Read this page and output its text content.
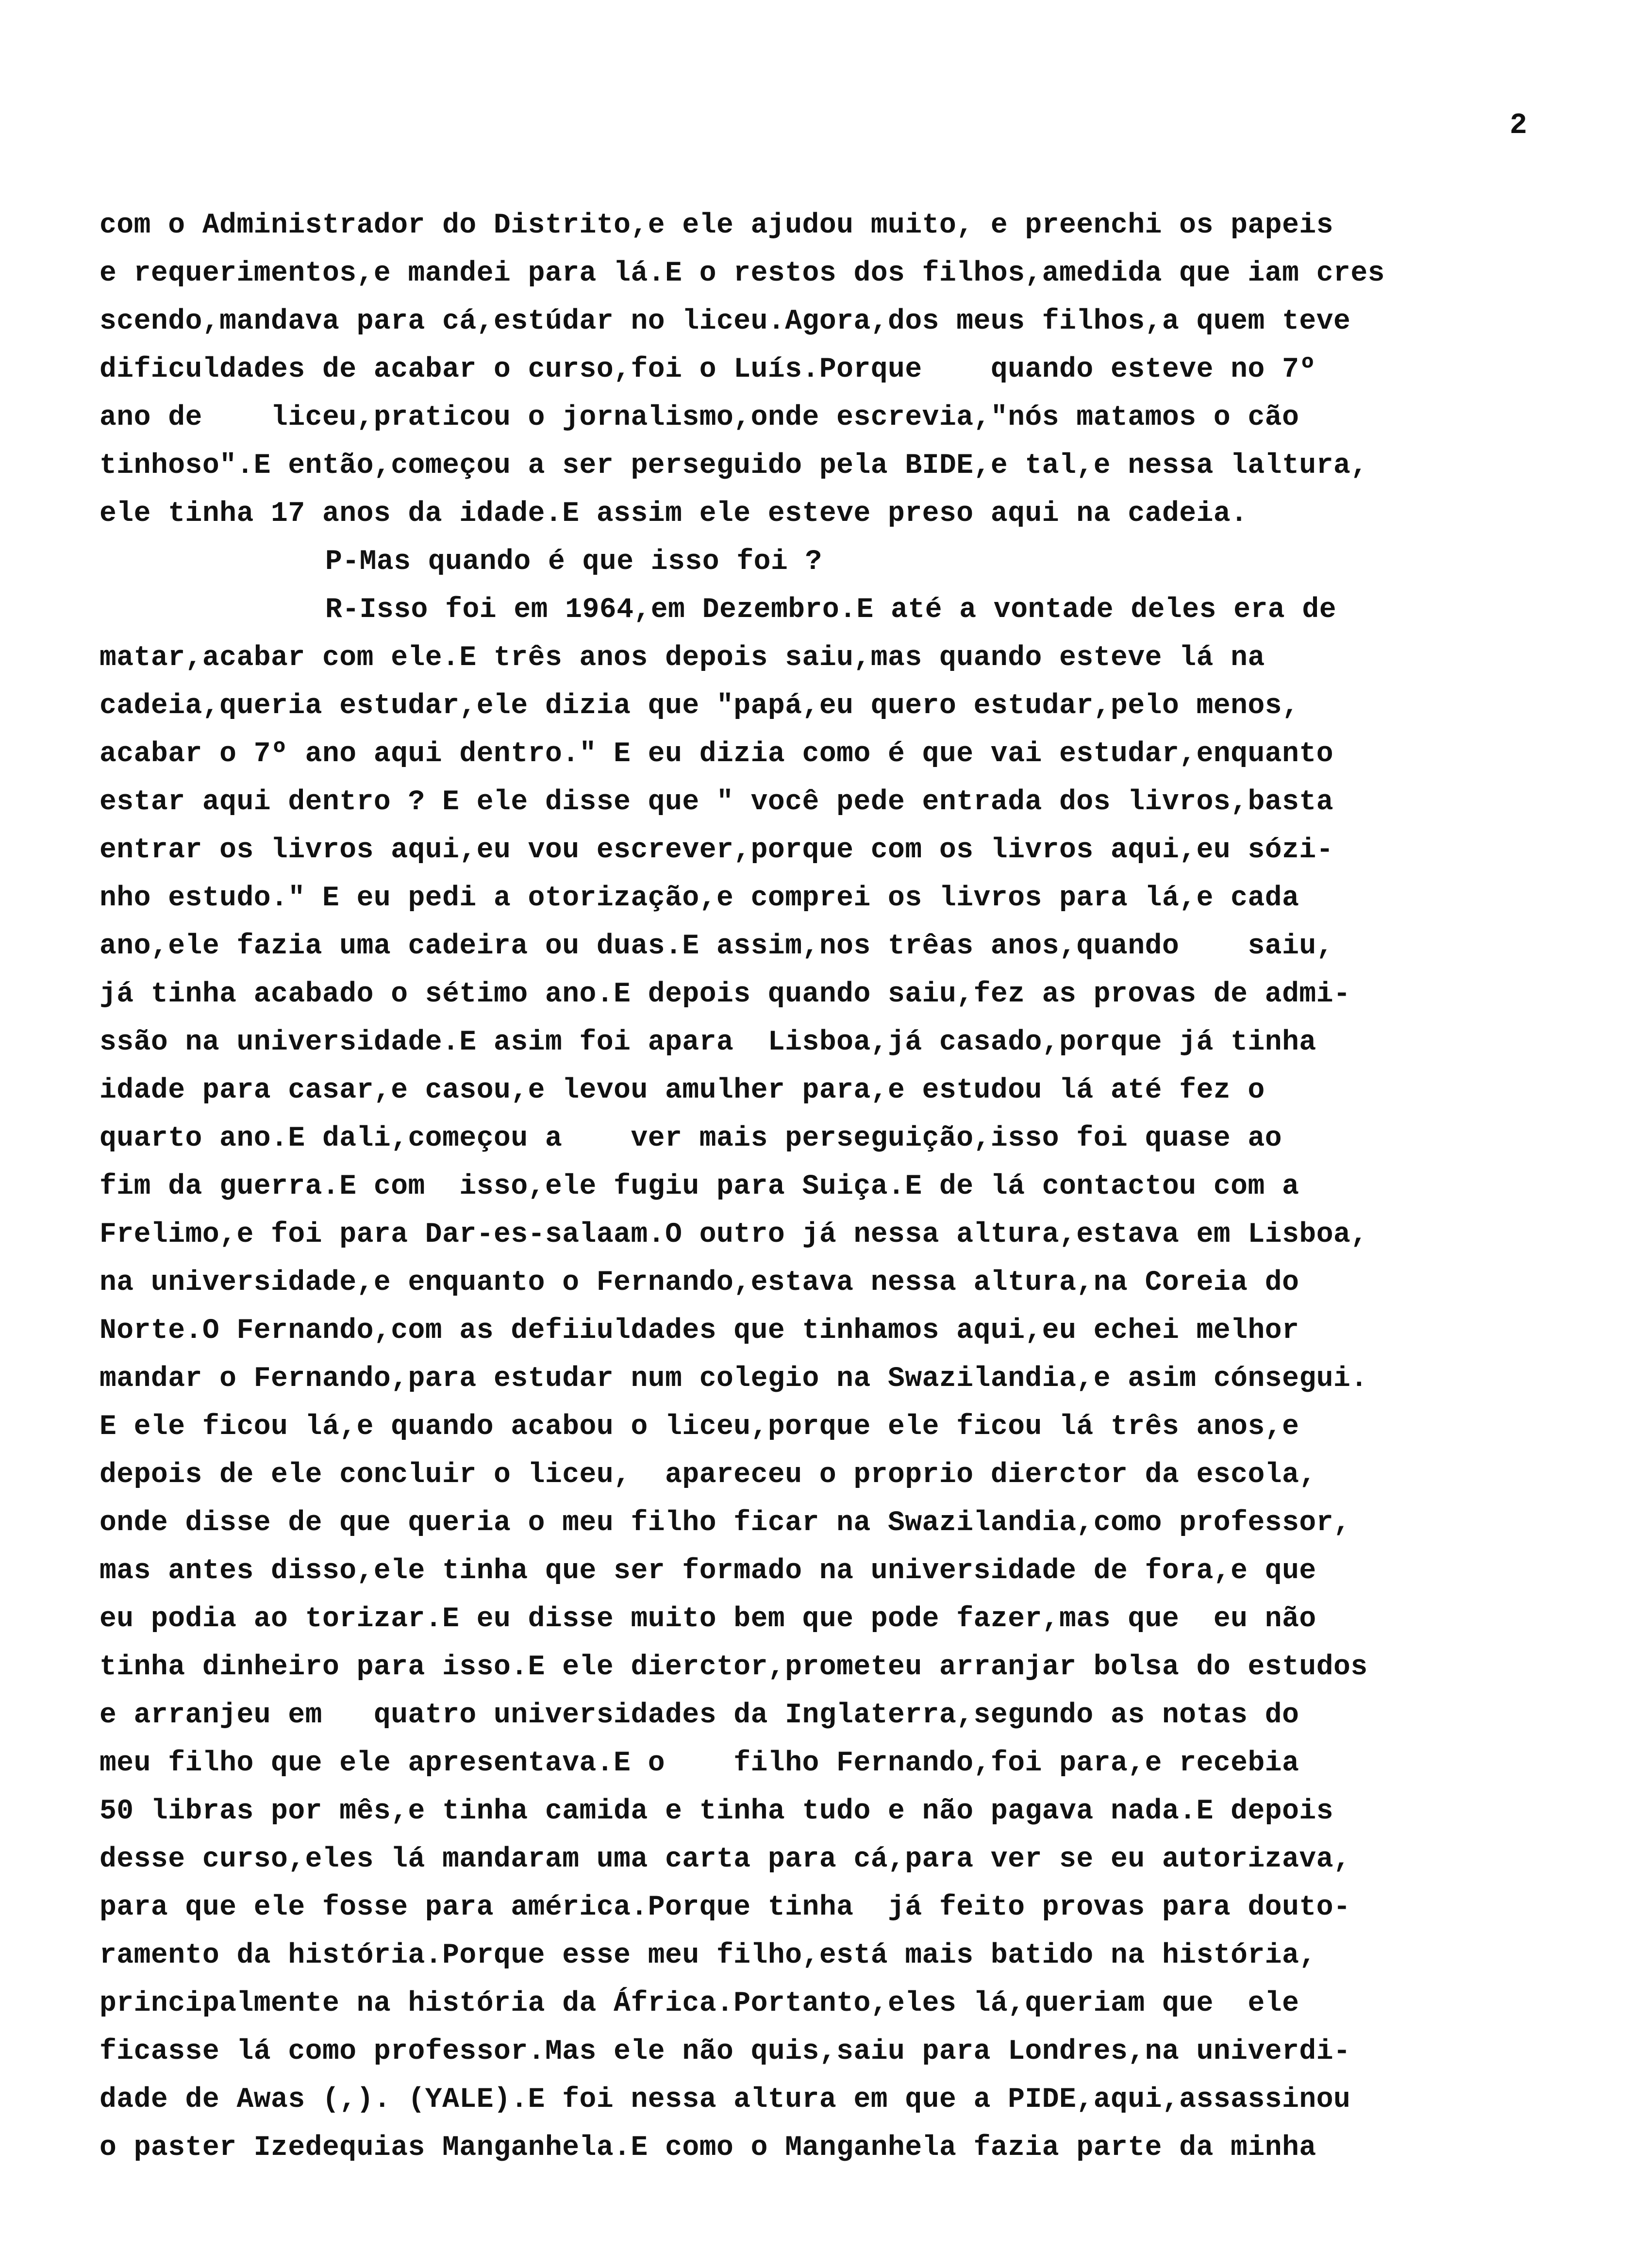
2
com o Administrador do Distrito,e ele ajudou muito, e preenchi os papeis
e requerimentos,e mandei para lá.E o restos dos filhos,amedida que iam cres
scendo,mandava para cá,estúdar no liceu.Agora,dos meus filhos,a quem teve
dificuldades de acabar o curso,foi o Luís.Porque    quando esteve no 7º
ano de    liceu,praticou o jornalismo,onde escrevia,"nós matamos o cão
tinhoso".E então,começou a ser perseguido pela BIDE,e tal,e nessa laltura,
ele tinha 17 anos da idade.E assim ele esteve preso aqui na cadeia.
P-Mas quando é que isso foi ?
R-Isso foi em 1964,em Dezembro.E até a vontade deles era de
matar,acabar com ele.E três anos depois saiu,mas quando esteve lá na
cadeia,queria estudar,ele dizia que "papá,eu quero estudar,pelo menos,
acabar o 7º ano aqui dentro." E eu dizia como é que vai estudar,enquanto
estar aqui dentro ? E ele disse que " você pede entrada dos livros,basta
entrar os livros aqui,eu vou escrever,porque com os livros aqui,eu sózi-
nho estudo." E eu pedi a otorização,e comprei os livros para lá,e cada
ano,ele fazia uma cadeira ou duas.E assim,nos trêas anos,quando    saiu,
já tinha acabado o sétimo ano.E depois quando saiu,fez as provas de admi-
ssão na universidade.E asim foi apara  Lisboa,já casado,porque já tinha
idade para casar,e casou,e levou amulher para,e estudou lá até fez o
quarto ano.E dali,começou a    ver mais perseguição,isso foi quase ao
fim da guerra.E com  isso,ele fugiu para Suiça.E de lá contactou com a
Frelimo,e foi para Dar-es-salaam.O outro já nessa altura,estava em Lisboa,
na universidade,e enquanto o Fernando,estava nessa altura,na Coreia do
Norte.O Fernando,com as defiiuldades que tinhamos aqui,eu echei melhor
mandar o Fernando,para estudar num colegio na Swazilandia,e asim cónsegui.
E ele ficou lá,e quando acabou o liceu,porque ele ficou lá três anos,e
depois de ele concluir o liceu,  apareceu o proprio dierctor da escola,
onde disse de que queria o meu filho ficar na Swazilandia,como professor,
mas antes disso,ele tinha que ser formado na universidade de fora,e que
eu podia ao torizar.E eu disse muito bem que pode fazer,mas que  eu não
tinha dinheiro para isso.E ele dierctor,prometeu arranjar bolsa do estudos
e arranjeu em   quatro universidades da Inglaterra,segundo as notas do
meu filho que ele apresentava.E o    filho Fernando,foi para,e recebia
50 libras por mês,e tinha camida e tinha tudo e não pagava nada.E depois
desse curso,eles lá mandaram uma carta para cá,para ver se eu autorizava,
para que ele fosse para américa.Porque tinha  já feito provas para douto-
ramento da história.Porque esse meu filho,está mais batido na história,
principalmente na história da África.Portanto,eles lá,queriam que  ele
ficasse lá como professor.Mas ele não quis,saiu para Londres,na univerdi-
dade de Awas (,). (YALE).E foi nessa altura em que a PIDE,aqui,assassinou
o paster Izedequias Manganhela.E como o Manganhela fazia parte da minha
